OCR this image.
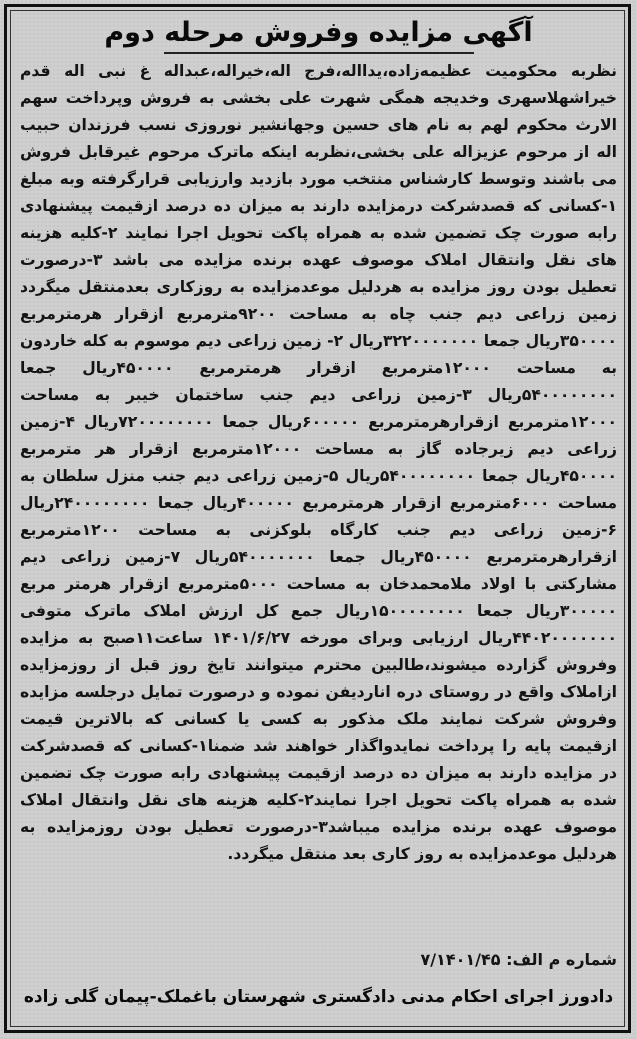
آگهی مزایده وفروش مرحله دوم
نظربه محکومیت عظیمه‌زاده،یدااله،فرج اله،خیراله،عبداله غ نبی اله قدم خیراشهلاسهری وخدیجه همگی شهرت علی بخشی به فروش وپرداخت سهم الارث محکوم لهم به نام های حسین وجهانشیر نوروزی نسب فرزندان حبیب اله از مرحوم عزیزاله علی بخشی،نظربه اینکه ماترک مرحوم غیرقابل فروش می باشند وتوسط کارشناس منتخب مورد بازدید وارزیابی قرارگرفته وبه مبلغ ۱-کسانی که قصدشرکت درمزایده دارند به میزان ده درصد ازقیمت پیشنهادی رابه صورت چک تضمین شده به همراه پاکت تحویل اجرا نمایند ۲-کلیه هزینه های نقل وانتقال املاک موصوف عهده برنده مزایده می باشد ۳-درصورت تعطیل بودن روز مزایده به هردلیل موعدمزایده به روزکاری بعدمنتقل میگردد زمین زراعی دیم جنب چاه به مساحت ۹۲۰۰مترمربع ازقرار هرمترمربع ۳۵۰۰۰۰ریال جمعا ۳۲۲۰۰۰۰۰۰۰ریال ۲- زمین زراعی دیم موسوم به کله خاردون به مساحت ۱۲۰۰۰مترمربع ازقرار هرمترمربع ۴۵۰۰۰۰ریال جمعا ۵۴۰۰۰۰۰۰۰۰ریال ۳-زمین زراعی دیم جنب ساختمان خیبر به مساحت ۱۲۰۰۰مترمربع ازقرارهرمترمربع ۶۰۰۰۰۰ریال جمعا ۷۲۰۰۰۰۰۰۰۰ریال ۴-زمین زراعی دیم زیرجاده گاز به مساحت ۱۲۰۰۰مترمربع ازقرار هر مترمربع ۴۵۰۰۰۰ریال جمعا ۵۴۰۰۰۰۰۰۰۰ریال ۵-زمین زراعی دیم جنب منزل سلطان به مساحت ۶۰۰۰مترمربع ازقرار هرمترمربع ۴۰۰۰۰۰ریال جمعا ۲۴۰۰۰۰۰۰۰۰ریال ۶-زمین زراعی دیم جنب کارگاه بلوکزنی به مساحت ۱۲۰۰مترمربع ازقرارهرمترمربع ۴۵۰۰۰۰ریال جمعا ۵۴۰۰۰۰۰۰۰ریال ۷-زمین زراعی دیم مشارکتی با اولاد ملامحمدخان به مساحت ۵۰۰۰مترمربع ازقرار هرمتر مربع ۳۰۰۰۰۰ریال جمعا ۱۵۰۰۰۰۰۰۰۰ریال جمع کل ارزش املاک ماترک متوفی ۴۴۰۲۰۰۰۰۰۰۰ریال ارزیابی وبرای مورخه ۱۴۰۱/۶/۲۷ ساعت۱۱صبح به مزایده وفروش گزارده میشوند،طالبین محترم میتوانند تایخ روز قبل از روزمزایده ازاملاک واقع در روستای دره اناردیفن نموده و درصورت تمایل درجلسه مزایده وفروش شرکت نمایند ملک مذکور به کسی یا کسانی که بالاترین قیمت ازقیمت پایه را پرداخت نمایدواگذار خواهند شد ضمنا۱-کسانی که قصدشرکت در مزایده دارند به میزان ده درصد ازقیمت پیشنهادی رابه صورت چک تضمین شده به همراه پاکت تحویل اجرا نمایند۲-کلیه هزینه های نقل وانتقال املاک موصوف عهده برنده مزایده میباشد۳-درصورت تعطیل بودن روزمزایده به هردلیل موعدمزایده به روز کاری بعد منتقل میگردد.
شماره م الف: ۷/۱۴۰۱/۴۵
دادورز اجرای احکام مدنی دادگستری شهرستان باغملک-پیمان گلی زاده
